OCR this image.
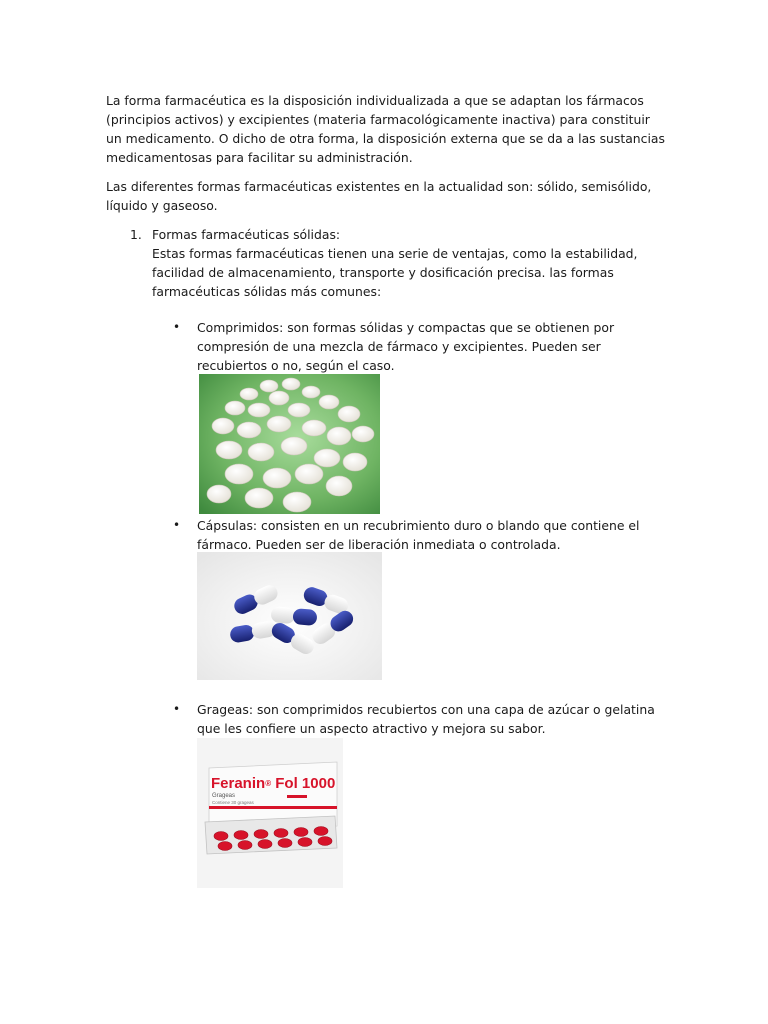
La forma farmacéutica es la disposición individualizada a que se adaptan los fármacos (principios activos) y excipientes (materia farmacológicamente inactiva) para constituir un medicamento. O dicho de otra forma, la disposición externa que se da a las sustancias medicamentosas para facilitar su administración.

Las diferentes formas farmacéuticas existentes en la actualidad son: sólido, semisólido, líquido y gaseoso.

1. Formas farmacéuticas sólidas:
Estas formas farmacéuticas tienen una serie de ventajas, como la estabilidad, facilidad de almacenamiento, transporte y dosificación precisa. las formas farmacéuticas sólidas más comunes:
• Comprimidos: son formas sólidas y compactas que se obtienen por compresión de una mezcla de fármaco y excipientes. Pueden ser recubiertos o no, según el caso.

• Cápsulas: consisten en un recubrimiento duro o blando que contiene el fármaco. Pueden ser de liberación inmediata o controlada.

• Grageas: son comprimidos recubiertos con una capa de azúcar o gelatina que les confiere un aspecto atractivo y mejora su sabor.

Feranin® Fol 1000
Grageas
Contiene 30 grageas
